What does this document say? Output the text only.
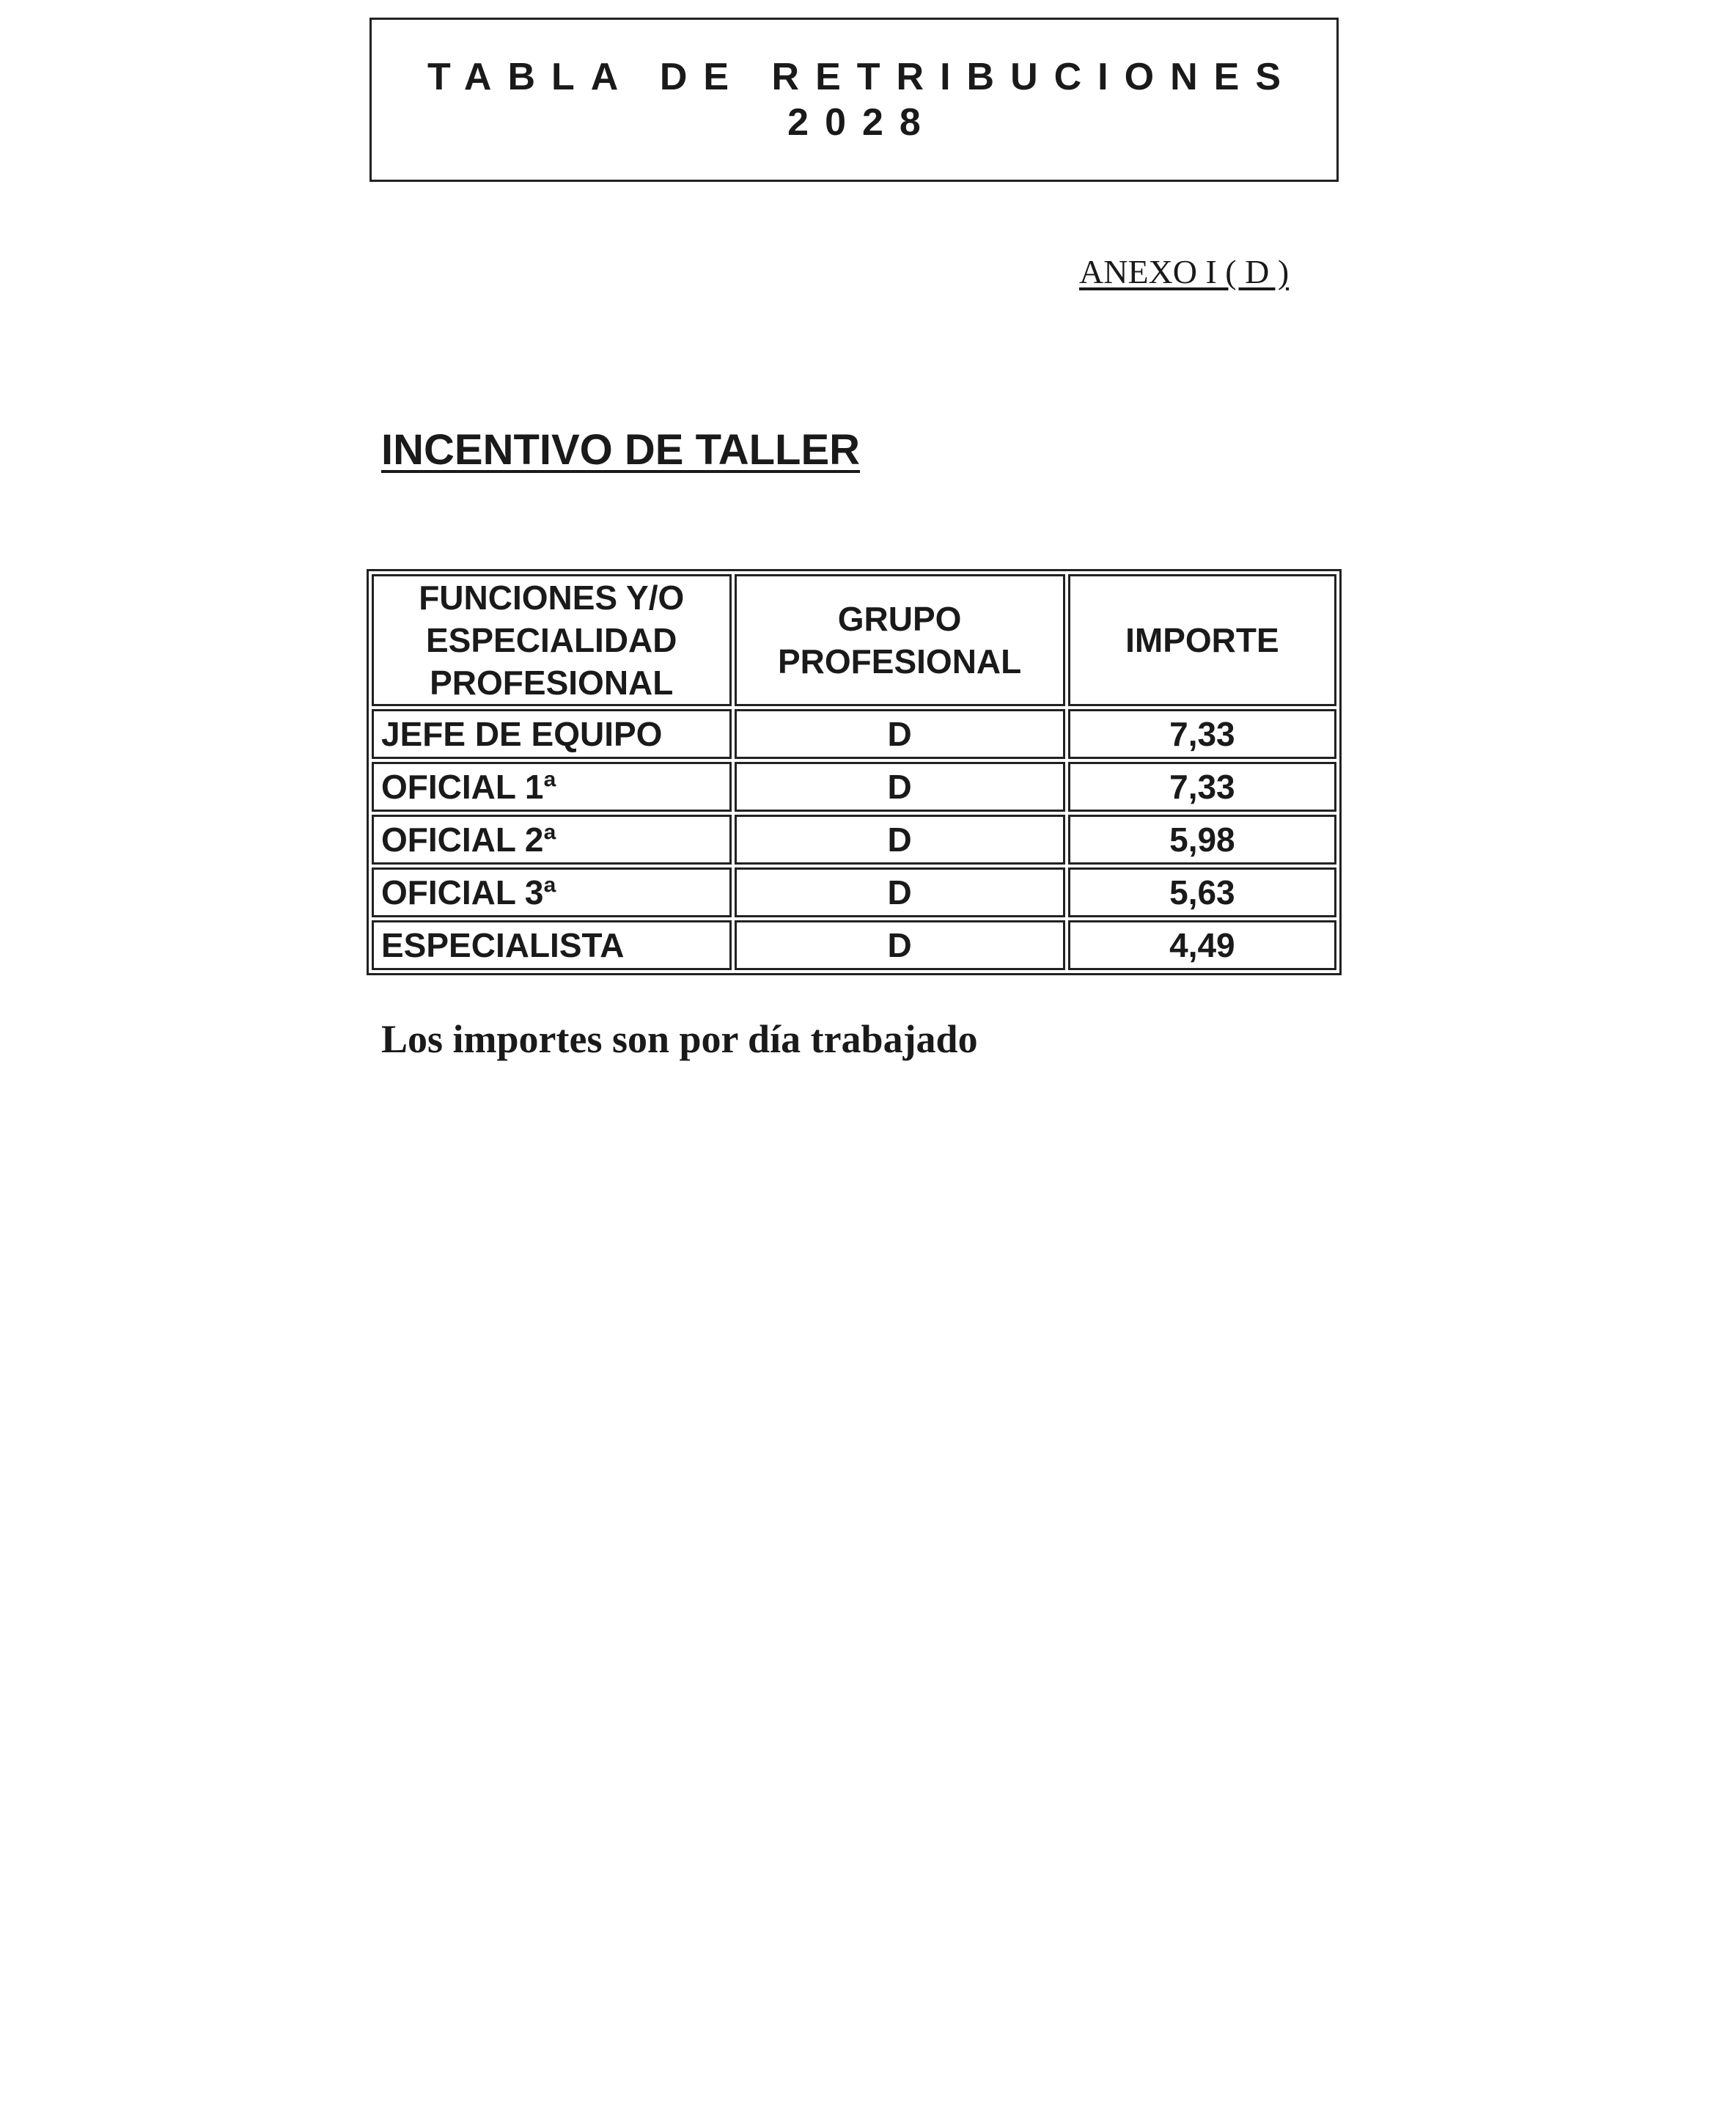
TABLA DE RETRIBUCIONES
2028
ANEXO I ( D )
INCENTIVO DE TALLER
FUNCIONES Y/O ESPECIALIDAD PROFESIONAL	GRUPO PROFESIONAL	IMPORTE
JEFE DE EQUIPO	D	7,33
OFICIAL 1ª	D	7,33
OFICIAL 2ª	D	5,98
OFICIAL 3ª	D	5,63
ESPECIALISTA	D	4,49
Los importes son por día trabajado
